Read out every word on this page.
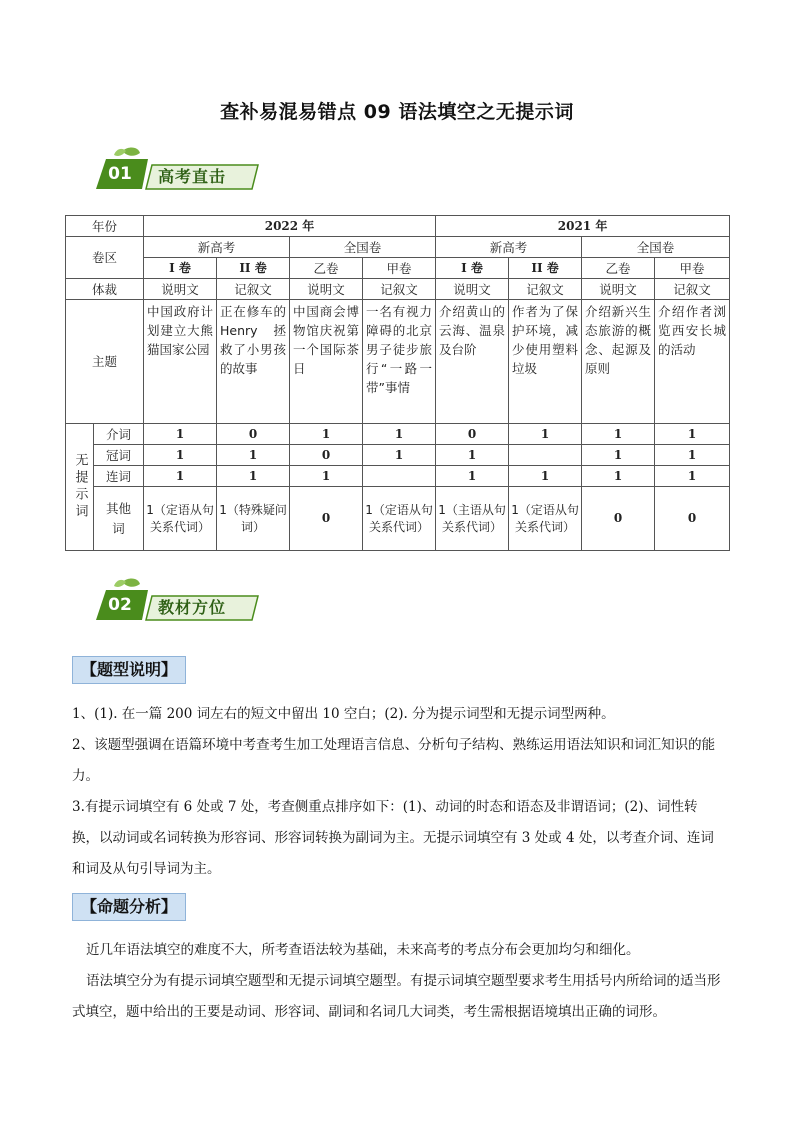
查补易混易错点 09 语法填空之无提示词
01	高考直击
年份		2022 年				2021 年			
卷区		新高考		全国卷		新高考		全国卷	
		I 卷	II 卷	乙卷	甲卷	I 卷	II 卷	乙卷	甲卷
体裁		说明文	记叙文	说明文	记叙文	说明文	记叙文	说明文	记叙文
主题		中国政府计划建立大熊猫国家公园	正在修车的 Henry 拯救了小男孩的故事	中国商会博物馆庆祝第一个国际茶日	一名有视力障碍的北京男子徒步旅行“一路一带”事情	介绍黄山的云海、温泉及台阶	作者为了保护环境，减少使用塑料垃圾	介绍新兴生态旅游的概念、起源及原则	介绍作者浏览西安长城的活动
无提示词	介词	1	0	1	1	0	1	1	1
	冠词	1	1	0	1	1		1	1
	连词	1	1	1		1	1	1	1
	其他词	1（定语从句关系代词）	1（特殊疑问词）	0	1（定语从句关系代词）	1（主语从句关系代词）	1（定语从句关系代词）	0	0
02	教材方位
【题型说明】
1、(1). 在一篇 200 词左右的短文中留出 10 空白；(2). 分为提示词型和无提示词型两种。
2、该题型强调在语篇环境中考查考生加工处理语言信息、分析句子结构、熟练运用语法知识和词汇知识的能力。
3.有提示词填空有 6 处或 7 处，考查侧重点排序如下：(1)、动词的时态和语态及非谓语词；(2)、词性转换，以动词或名词转换为形容词、形容词转换为副词为主。无提示词填空有 3 处或 4 处，以考查介词、连词和词及从句引导词为主。
【命题分析】
近几年语法填空的难度不大，所考查语法较为基础，未来高考的考点分布会更加均匀和细化。
语法填空分为有提示词填空题型和无提示词填空题型。有提示词填空题型要求考生用括号内所给词的适当形式填空，题中给出的王要是动词、形容词、副词和名词几大词类，考生需根据语境填出正确的词形。
